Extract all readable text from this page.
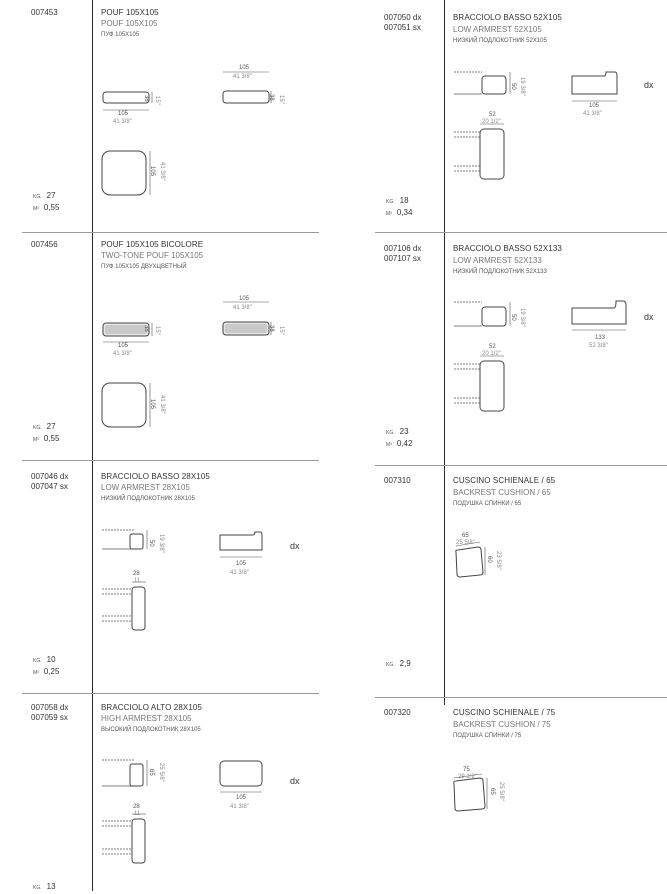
007453	POUF 105X105
POUF 105X105
ПУФ 105X105
105
41 3/8"
38 15"
105
41 3/8"
38 15"
105 41 3/8"
KG. 27
M³ 0,55
007456	POUF 105X105 BICOLORE
TWO-TONE POUF 105X105
ПУФ 105X105 ДВУХЦВЕТНЫЙ
105
41 3/8"
38 15"
105
41 3/8"
38 15"
105 41 3/8"
KG. 27
M³ 0,55
007046 dx
007047 sx
BRACCIOLO BASSO 28X105
LOW ARMREST 28X105
НИЗКИЙ ПОДЛОКОТНИК 28X105
50 19 3/8"
105
41 3/8"
dx
28
11
KG. 10
M³ 0,25
007058 dx
007059 sx
BRACCIOLO ALTO 28X105
HIGH ARMREST 28X105
ВЫСОКИЙ ПОДЛОКОТНИК 28X105
65 25 5/8"
105
41 3/8"
dx
28
11
KG. 13
007050 dx
007051 sx
BRACCIOLO BASSO 52X105
LOW ARMREST 52X105
НИЗКИЙ ПОДЛОКОТНИК 52X105
50 19 3/8"
105
41 3/8"
dx
52
20 1/2"
KG. 18
M³ 0,34
007106 dx
007107 sx
BRACCIOLO BASSO 52X133
LOW ARMREST 52X133
НИЗКИЙ ПОДЛОКОТНИК 52X133
50 19 3/8"
133
52 3/8"
dx
52
20 1/2"
KG. 23
M³ 0,42
007310	CUSCINO SCHIENALE / 65
BACKREST CUSHION / 65
ПОДУШКА СПИНКИ / 65
65
25 5/8"
60 23 5/8"
KG. 2,9
007320	CUSCINO SCHIENALE / 75
BACKREST CUSHION / 75
ПОДУШКА СПИНКИ / 75
75
29 1/2"
65 25 5/8"
